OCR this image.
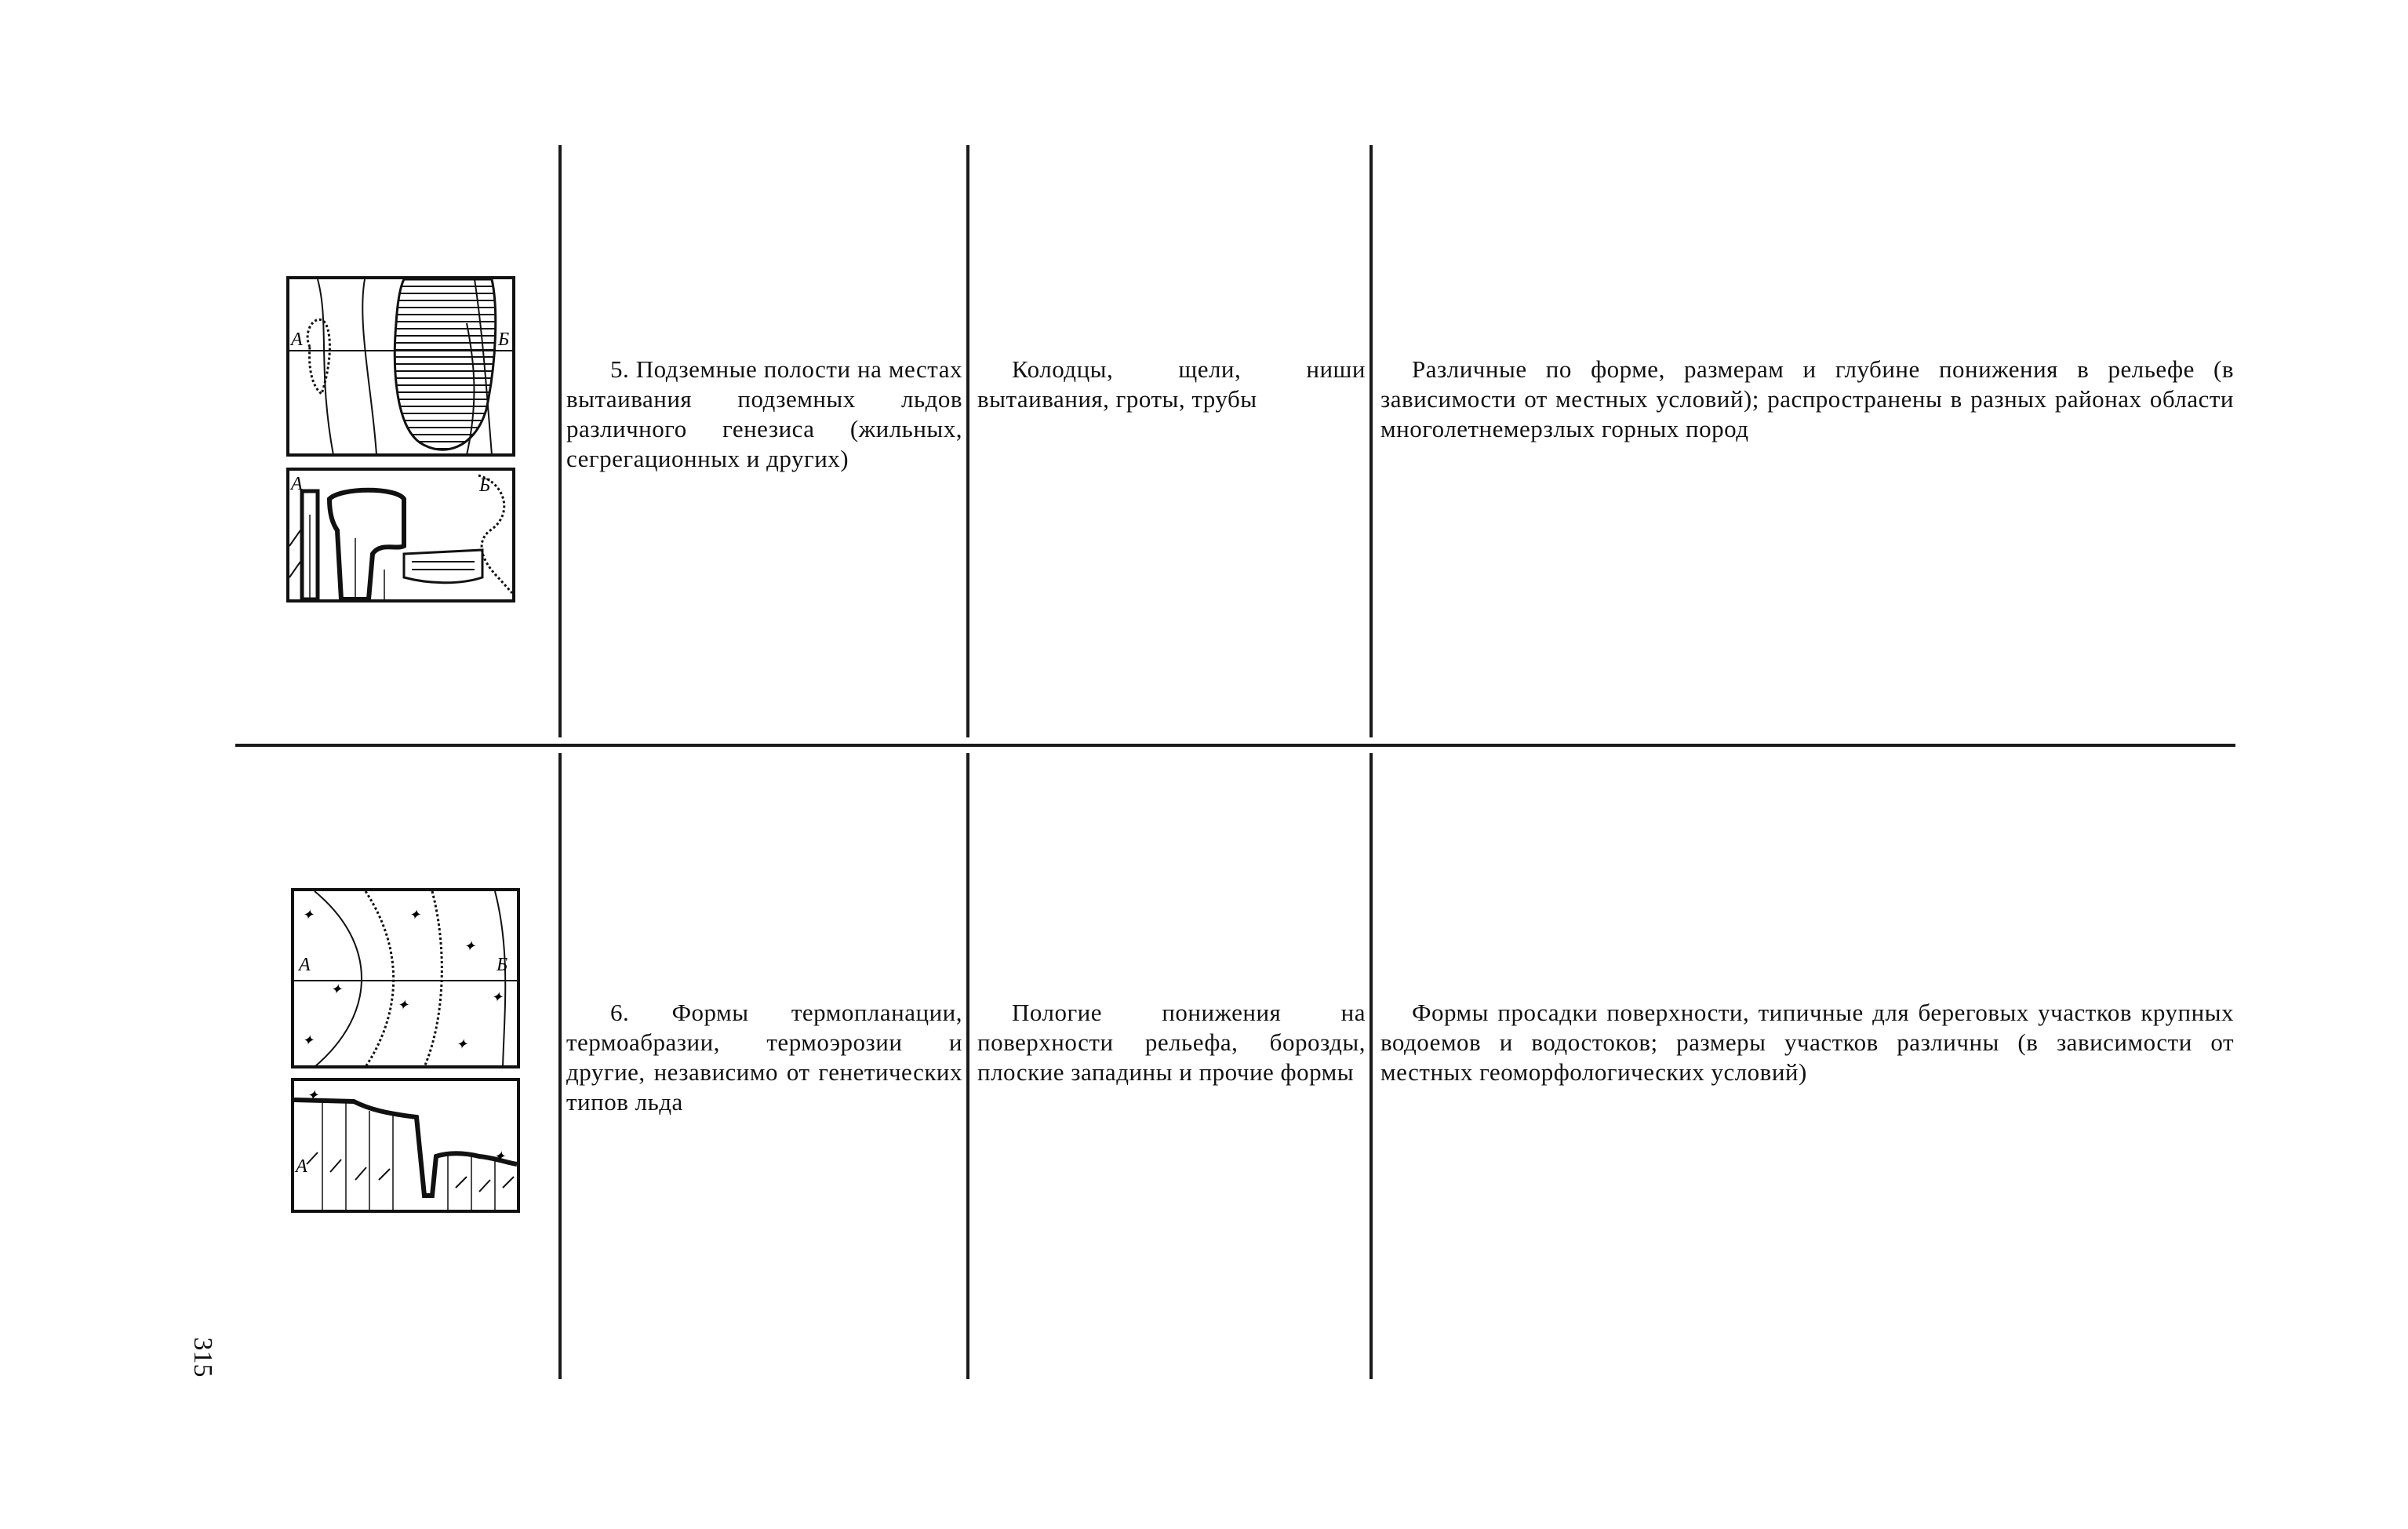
А	Б
А	Б
5. Подземные полости на местах вытаивания подземных льдов различного генезиса (жильных, сегрегационных и других)
Колодцы, щели, ниши вытаивания, гроты, трубы
Различные по форме, размерам и глубине понижения в рельефе (в зависимости от местных условий); распространены в разных районах области многолетнемерзлых горных пород
✦	✦
✦
✦
✦
✦	✦
✦
А	Б
А
✦
✦
6. Формы термопланации, термоабразии, термоэрозии и другие, независимо от генетических типов льда
Пологие понижения на поверхности рельефа, борозды, плоские западины и прочие формы
Формы просадки поверхности, типичные для береговых участков крупных водоемов и водостоков; размеры участков различны (в зависимости от местных геоморфологических условий)
315
